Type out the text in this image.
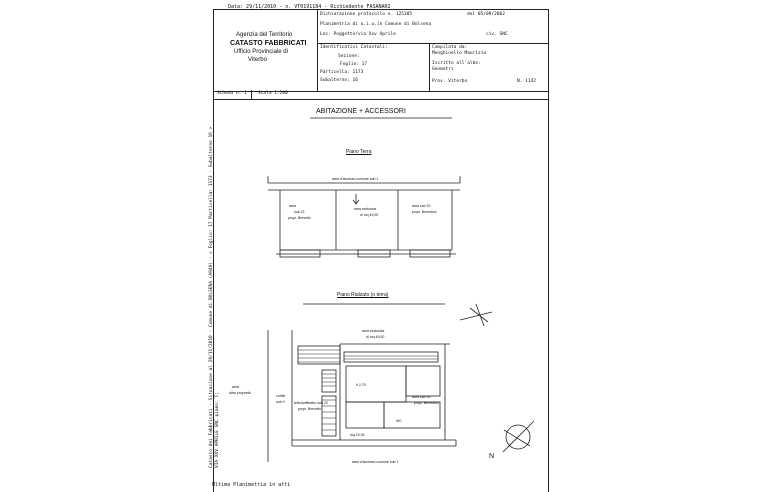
Data: 29/11/2010 - n. VT0191184 - Richiedente FASANARI
Agenzia del Territorio
CATASTO FABBRICATI
Ufficio Provinciale di
Viterbo
Dichiarazione protocollo n. 125385	del 05/09/2002
Planimetria di u.i.u.in Comune di Bolsena
Loc. Poggetto/via Xxv Aprile	civ. SNC
Identificativi Catastali:
Sezione:
Foglio: 17
Particella: 1173
Subalterno: 16
Compilata da:
Menghinello Maurizio
Iscritto all'albo:
Geometri
Prov. Viterbo	N. 1142
Scheda n. 1 Scala 1:200
ABITAZIONE + ACCESSORI
Piano Terra
area d'accesso comune sub 1
area
sub 22
propr. Brevetto
area esclusiva
di mq 49,00
area sub 10
propr. Benedusi
Piano Rialzato (o terra)
area esclusiva
di mq 49,00
area
altra proprietà
cortile
sub 9	tetto/anfiteatro sub 22
propr. Brevetto
area sub 10
propr. Benedusi
h 2,70
WC
mq 10,90
area d'accesso comune sub 1
N
Catasto dei Fabbricati - Situazione al 29/11/2010 - Comune di BOLSENA (A949) - < Foglio: 17 Particella: 1173 - Subalterno 16 > VIA XXV APRILE SNC piano: T;
Ultima Planimetria in atti
